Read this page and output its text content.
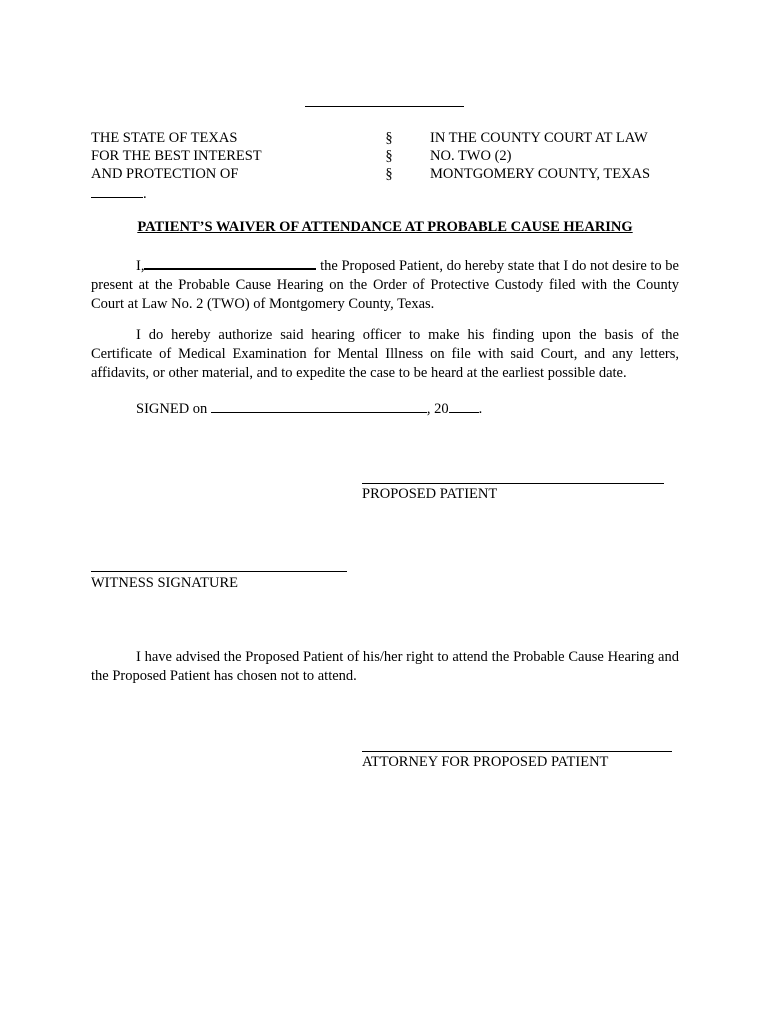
THE STATE OF TEXAS
FOR THE BEST INTEREST
AND PROTECTION OF
.
§
§
§
IN THE COUNTY COURT AT LAW
NO. TWO (2)
MONTGOMERY COUNTY, TEXAS
PATIENT’S WAIVER OF ATTENDANCE AT PROBABLE CAUSE HEARING
I,	the Proposed Patient, do hereby state that I do not desire to be present at the Probable Cause Hearing on the Order of Protective Custody filed with the County Court at Law No. 2 (TWO) of Montgomery County, Texas.
I do hereby authorize said hearing officer to make his finding upon the basis of the Certificate of Medical Examination for Mental Illness on file with said Court, and any letters, affidavits, or other material, and to expedite the case to be heard at the earliest possible date.
SIGNED on	, 20 .
PROPOSED PATIENT
WITNESS SIGNATURE
I have advised the Proposed Patient of his/her right to attend the Probable Cause Hearing and the Proposed Patient has chosen not to attend.
ATTORNEY FOR PROPOSED PATIENT
